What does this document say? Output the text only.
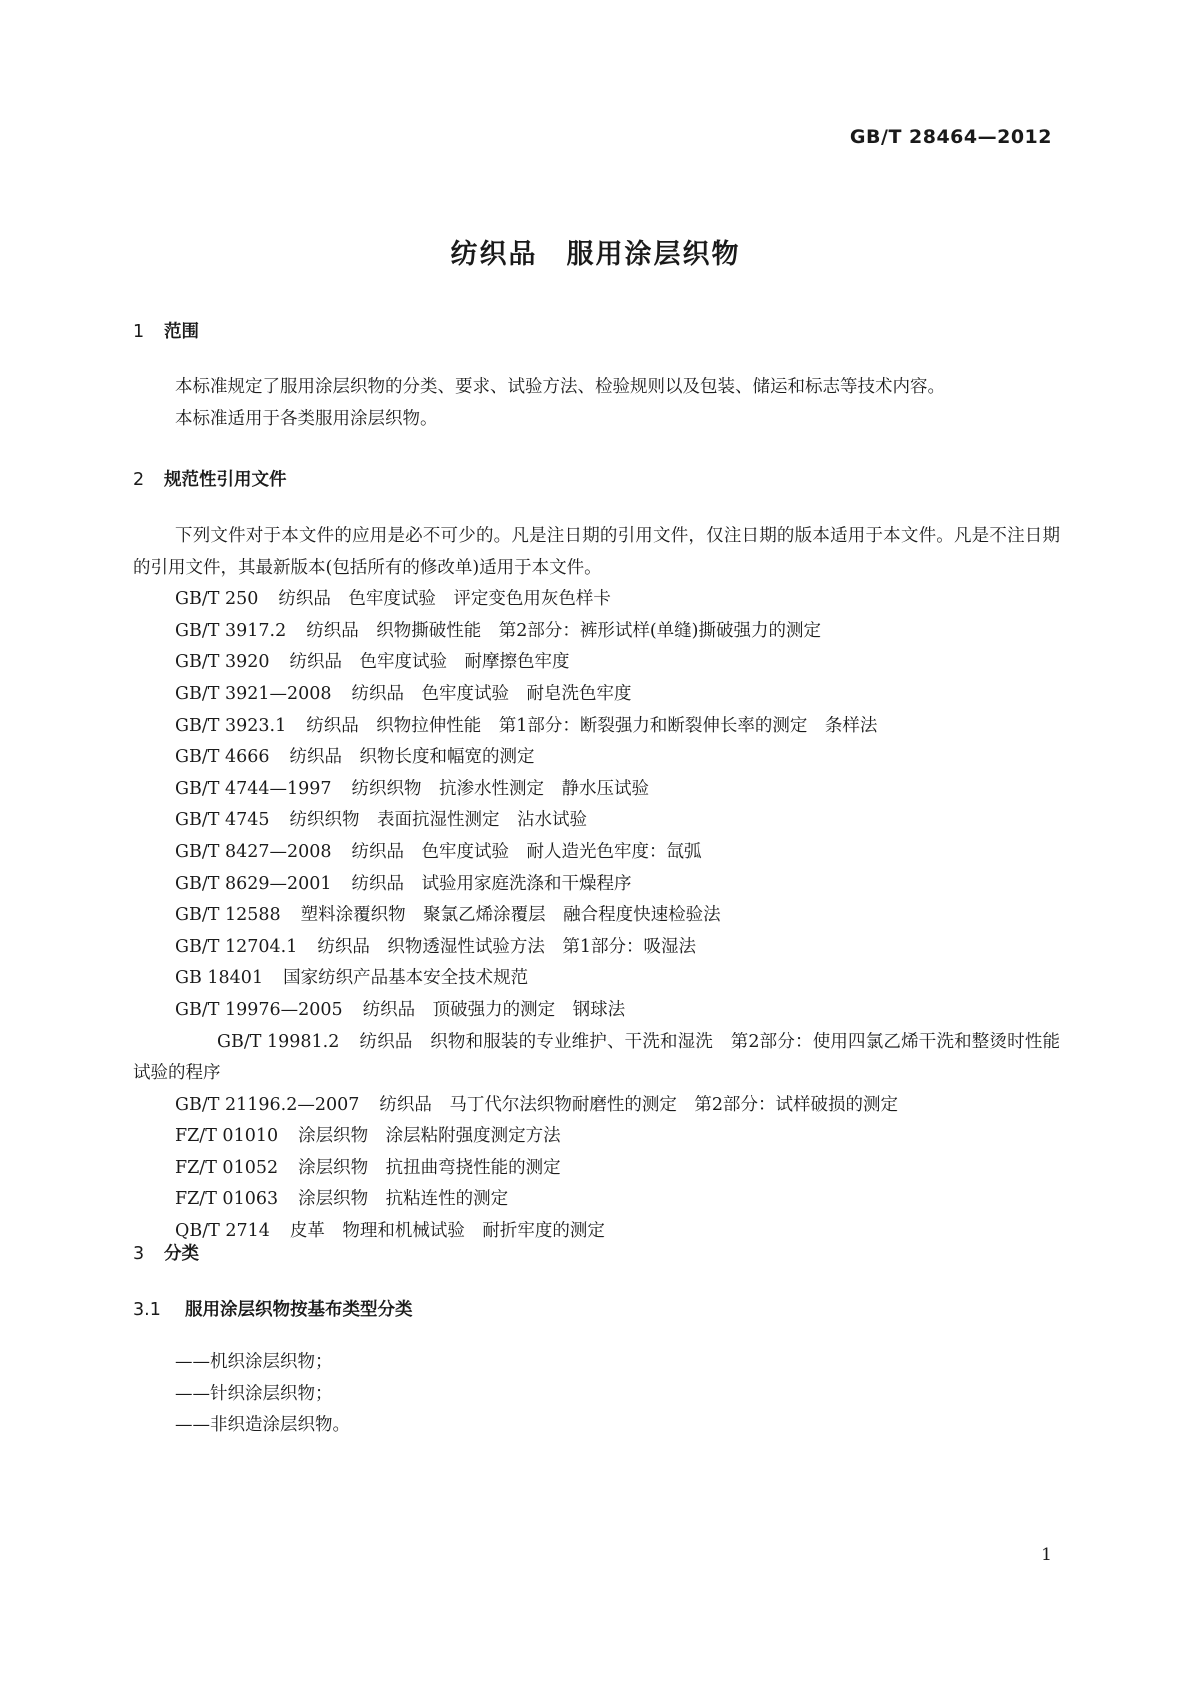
GB/T 28464—2012
纺织品　服用涂层织物
1	范围

本标准规定了服用涂层织物的分类、要求、试验方法、检验规则以及包装、储运和标志等技术内容。

本标准适用于各类服用涂层织物。

2	规范性引用文件

下列文件对于本文件的应用是必不可少的。凡是注日期的引用文件，仅注日期的版本适用于本文件。凡是不注日期的引用文件，其最新版本(包括所有的修改单)适用于本文件。

GB/T 250 纺织品　色牢度试验　评定变色用灰色样卡

GB/T 3917.2 纺织品　织物撕破性能　第2部分：裤形试样(单缝)撕破强力的测定

GB/T 3920 纺织品　色牢度试验　耐摩擦色牢度

GB/T 3921—2008 纺织品　色牢度试验　耐皂洗色牢度

GB/T 3923.1 纺织品　织物拉伸性能　第1部分：断裂强力和断裂伸长率的测定　条样法

GB/T 4666 纺织品　织物长度和幅宽的测定

GB/T 4744—1997 纺织织物　抗渗水性测定　静水压试验

GB/T 4745 纺织织物　表面抗湿性测定　沾水试验

GB/T 8427—2008 纺织品　色牢度试验　耐人造光色牢度：氙弧

GB/T 8629—2001 纺织品　试验用家庭洗涤和干燥程序

GB/T 12588 塑料涂覆织物　聚氯乙烯涂覆层　融合程度快速检验法

GB/T 12704.1 纺织品　织物透湿性试验方法　第1部分：吸湿法

GB 18401 国家纺织产品基本安全技术规范

GB/T 19976—2005 纺织品　顶破强力的测定　钢球法

GB/T 19981.2 纺织品　织物和服装的专业维护、干洗和湿洗　第2部分：使用四氯乙烯干洗和整烫时性能试验的程序

GB/T 21196.2—2007 纺织品　马丁代尔法织物耐磨性的测定　第2部分：试样破损的测定

FZ/T 01010 涂层织物　涂层粘附强度测定方法

FZ/T 01052 涂层织物　抗扭曲弯挠性能的测定

FZ/T 01063 涂层织物　抗粘连性的测定

QB/T 2714 皮革　物理和机械试验　耐折牢度的测定

3	分类
3.1	服用涂层织物按基布类型分类

——机织涂层织物；

——针织涂层织物；

——非织造涂层织物。

1
